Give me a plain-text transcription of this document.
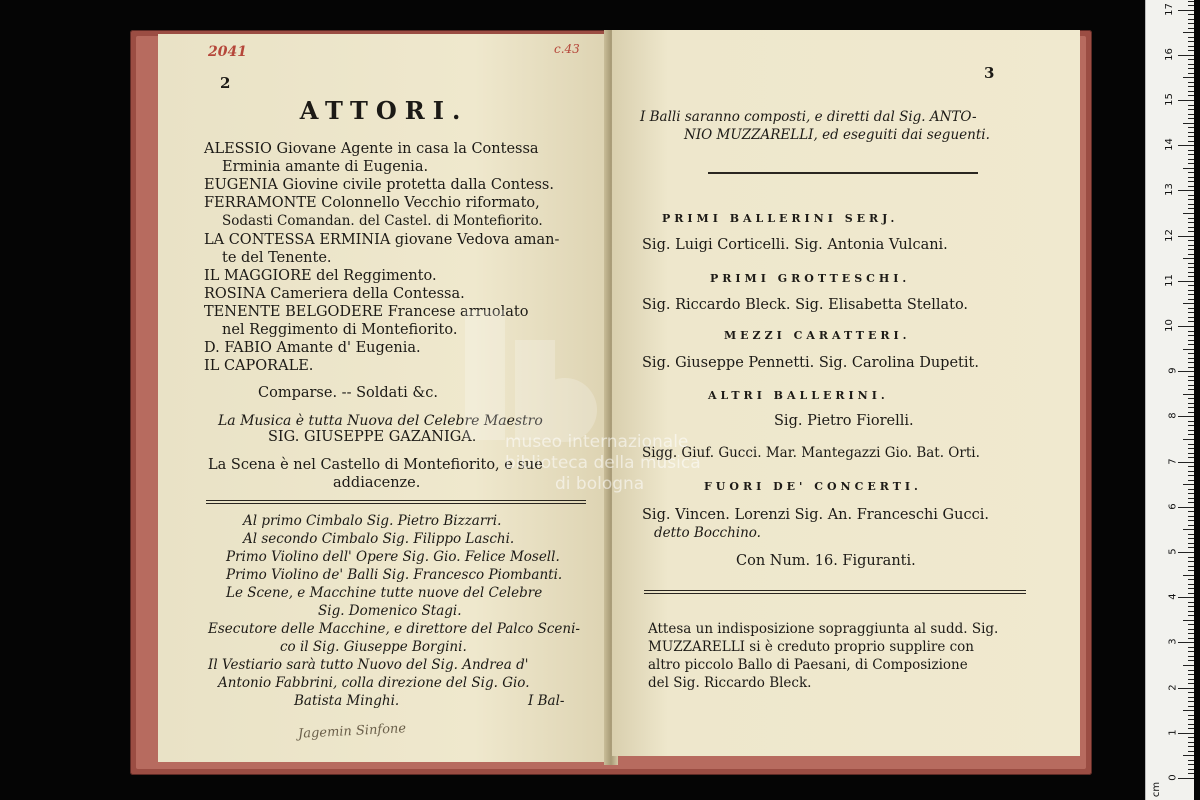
2
2041	c.43
ATTORI.
ALESSIO Giovane Agente in casa la Contessa
Erminia amante di Eugenia.
EUGENIA Giovine civile protetta dalla Contess.
FERRAMONTE Colonnello Vecchio riformato,
Sodasti Comandan. del Castel. di Montefiorito.
LA CONTESSA ERMINIA giovane Vedova aman-
te del Tenente.
IL MAGGIORE del Reggimento.
ROSINA Cameriera della Contessa.
TENENTE BELGODERE Francese arruolato
nel Reggimento di Montefiorito.
D. FABIO Amante d' Eugenia.
IL CAPORALE.
Comparse. -- Soldati &c.
La Musica è tutta Nuova del Celebre Maestro
SIG. GIUSEPPE GAZANIGA.
La Scena è nel Castello di Montefiorito, e sue
addiacenze.
Al primo Cimbalo Sig. Pietro Bizzarri.
Al secondo Cimbalo Sig. Filippo Laschi.
Primo Violino dell' Opere Sig. Gio. Felice Mosell.
Primo Violino de' Balli Sig. Francesco Piombanti.
Le Scene, e Macchine tutte nuove del Celebre
Sig. Domenico Stagi.
Esecutore delle Macchine, e direttore del Palco Sceni-
co il Sig. Giuseppe Borgini.
Il Vestiario sarà tutto Nuovo del Sig. Andrea d'
Antonio Fabbrini, colla direzione del Sig. Gio.
Batista Minghi.	I Bal-
Jagemin Sinfone
3
I Balli saranno composti, e diretti dal Sig. ANTO-
NIO MUZZARELLI, ed eseguiti dai seguenti.
PRIMI BALLERINI SERJ.
Sig. Luigi Corticelli. Sig. Antonia Vulcani.
PRIMI GROTTESCHI.
Sig. Riccardo Bleck. Sig. Elisabetta Stellato.
MEZZI CARATTERI.
Sig. Giuseppe Pennetti. Sig. Carolina Dupetit.
ALTRI BALLERINI.
Sig. Pietro Fiorelli.
Sigg. Giuf. Gucci. Mar. Mantegazzi Gio. Bat. Orti.
FUORI DE' CONCERTI.
Sig. Vincen. Lorenzi Sig. An. Franceschi Gucci.
detto Bocchino.
Con Num. 16. Figuranti.
Attesa un indisposizione sopraggiunta al sudd. Sig.
MUZZARELLI si è creduto proprio supplire con
altro piccolo Ballo di Paesani, di Composizione
del Sig. Riccardo Bleck.
museo internazionale
biblioteca della musica
di bologna
0
1
2
3
4
5
6
7
8
9
10
11
12
13
14
15
16
17
cm
